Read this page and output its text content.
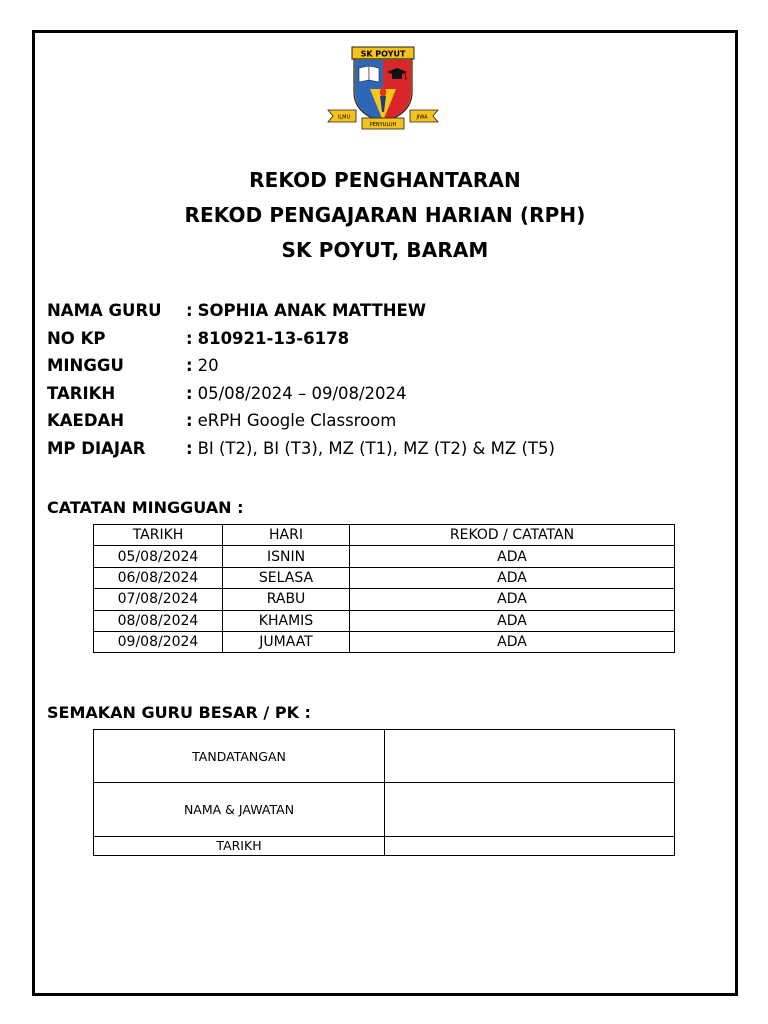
SK POYUT
ILMU
PENYULUH
JIWA
REKOD PENGHANTARAN
REKOD PENGAJARAN HARIAN (RPH)
SK POYUT, BARAM
NAMA GURU	: SOPHIA ANAK MATTHEW
NO KP	: 810921-13-6178
MINGGU	: 20
TARIKH	: 05/08/2024 – 09/08/2024
KAEDAH	: eRPH Google Classroom
MP DIAJAR	: BI (T2), BI (T3), MZ (T1), MZ (T2) & MZ (T5)
CATATAN MINGGUAN :
TARIKH	HARI	REKOD / CATATAN
05/08/2024	ISNIN	ADA
06/08/2024	SELASA	ADA
07/08/2024	RABU	ADA
08/08/2024	KHAMIS	ADA
09/08/2024	JUMAAT	ADA
SEMAKAN GURU BESAR / PK :
TANDATANGAN	
NAMA & JAWATAN	
TARIKH	
